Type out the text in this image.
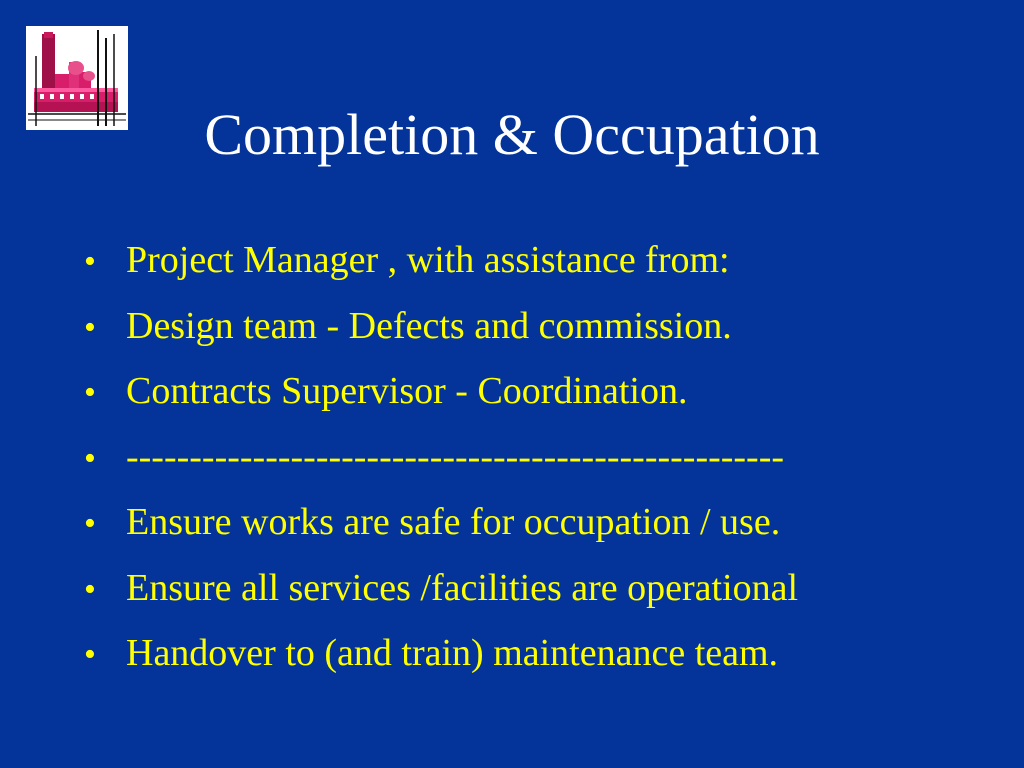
Completion & Occupation
•
Project Manager , with assistance from:
•
Design team - Defects and commission.
•
Contracts Supervisor - Coordination.
•
----------------------------------------------------
•
Ensure works are safe for occupation / use.
•
Ensure all services /facilities are operational
•
Handover to (and train) maintenance team.
